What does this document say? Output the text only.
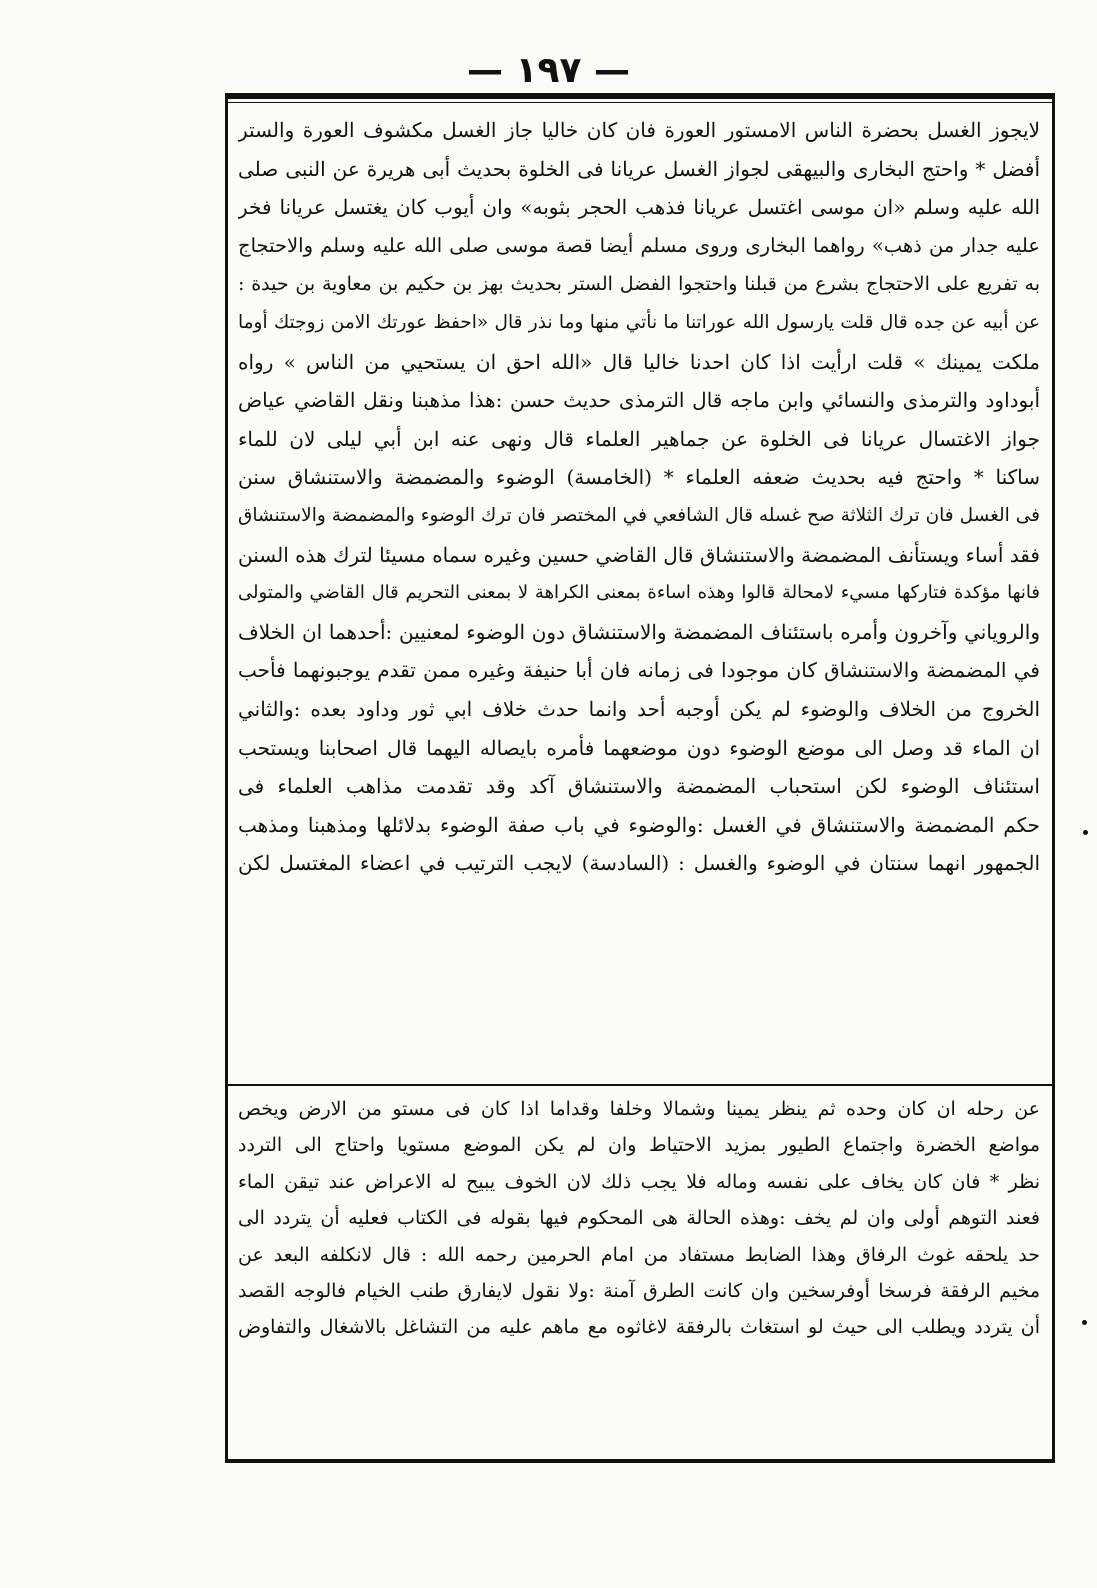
— ١٩٧ —
لايجوز الغسل بحضرة الناس الامستور العورة فان كان خاليا جاز الغسل مكشوف العورة والستر
أفضل * واحتج البخارى والبيهقى لجواز الغسل عريانا فى الخلوة بحديث أبى هريرة عن النبى صلى
الله عليه وسلم «ان موسى اغتسل عريانا فذهب الحجر بثوبه» وان أيوب كان يغتسل عريانا فخر
عليه جدار من ذهب» رواهما البخارى وروى مسلم أيضا قصة موسى صلى الله عليه وسلم والاحتجاج
به تفريع على الاحتجاج بشرع من قبلنا واحتجوا الفضل الستر بحديث بهز بن حكيم بن معاوية بن حيدة :
عن أبيه عن جده قال قلت يارسول الله عوراتنا ما نأتي منها وما نذر قال «احفظ عورتك الامن زوجتك أوما
ملكت يمينك » قلت ارأيت اذا كان احدنا خاليا قال «الله احق ان يستحيي من الناس » رواه
أبوداود والترمذى والنسائي وابن ماجه قال الترمذى حديث حسن :هذا مذهبنا ونقل القاضي عياض
جواز الاغتسال عريانا فى الخلوة عن جماهير العلماء قال ونهى عنه ابن أبي ليلى لان للماء
ساكنا * واحتج فيه بحديث ضعفه العلماء * (الخامسة) الوضوء والمضمضة والاستنشاق سنن
فى الغسل فان ترك الثلاثة صح غسله قال الشافعي في المختصر فان ترك الوضوء والمضمضة والاستنشاق
فقد أساء ويستأنف المضمضة والاستنشاق قال القاضي حسين وغيره سماه مسيئا لترك هذه السنن
فانها مؤكدة فتاركها مسيء لامحالة قالوا وهذه اساءة بمعنى الكراهة لا بمعنى التحريم قال القاضي والمتولى
والروياني وآخرون وأمره باستئناف المضمضة والاستنشاق دون الوضوء لمعنيين :أحدهما ان الخلاف
في المضمضة والاستنشاق كان موجودا فى زمانه فان أبا حنيفة وغيره ممن تقدم يوجبونهما فأحب
الخروج من الخلاف والوضوء لم يكن أوجبه أحد وانما حدث خلاف ابي ثور وداود بعده :والثاني
ان الماء قد وصل الى موضع الوضوء دون موضعهما فأمره بايصاله اليهما قال اصحابنا ويستحب
استئناف الوضوء لكن استحباب المضمضة والاستنشاق آكد وقد تقدمت مذاهب العلماء فى
حكم المضمضة والاستنشاق في الغسل :والوضوء في باب صفة الوضوء بدلائلها ومذهبنا ومذهب
الجمهور انهما سنتان في الوضوء والغسل : (السادسة) لايجب الترتيب في اعضاء المغتسل لكن
عن رحله ان كان وحده ثم ينظر يمينا وشمالا وخلفا وقداما اذا كان فى مستو من الارض ويخص
مواضع الخضرة واجتماع الطيور بمزيد الاحتياط وان لم يكن الموضع مستويا واحتاج الى التردد
نظر * فان كان يخاف على نفسه وماله فلا يجب ذلك لان الخوف يبيح له الاعراض عند تيقن الماء
فعند التوهم أولى وان لم يخف :وهذه الحالة هى المحكوم فيها بقوله فى الكتاب فعليه أن يتردد الى
حد يلحقه غوث الرفاق وهذا الضابط مستفاد من امام الحرمين رحمه الله : قال لانكلفه البعد عن
مخيم الرفقة فرسخا أوفرسخين وان كانت الطرق آمنة :ولا نقول لايفارق طنب الخيام فالوجه القصد
أن يتردد ويطلب الى حيث لو استغاث بالرفقة لاغاثوه مع ماهم عليه من التشاغل بالاشغال والتفاوض
